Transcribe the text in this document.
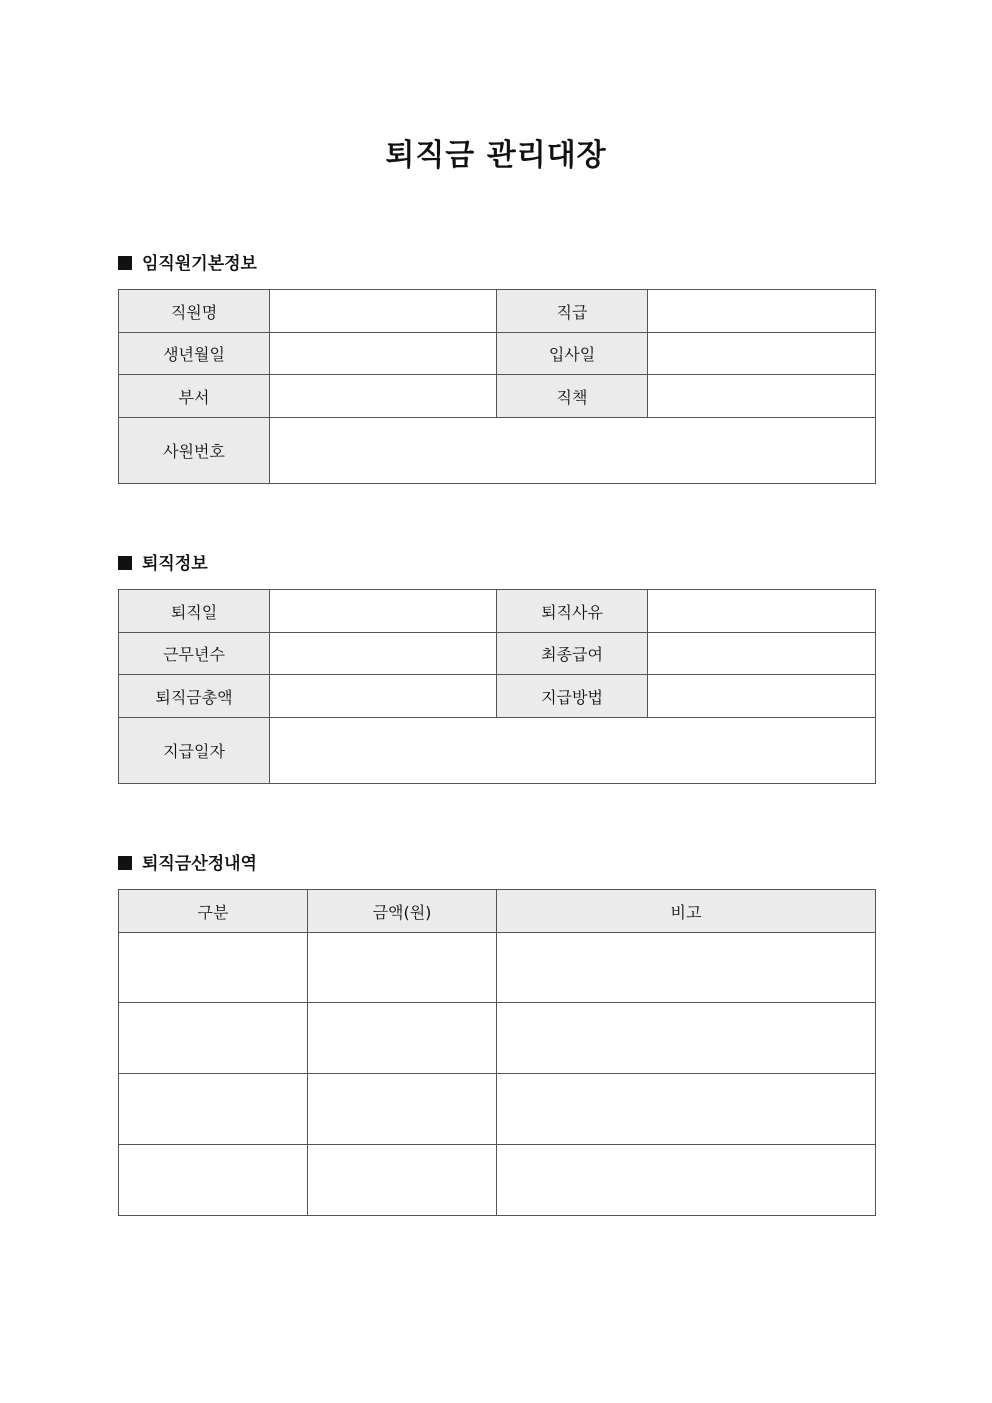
퇴직금 관리대장
임직원기본정보
직원명		직급	
생년월일		입사일	
부서		직책	
사원번호			
퇴직정보
퇴직일		퇴직사유	
근무년수		최종급여	
퇴직금총액		지급방법	
지급일자			
퇴직금산정내역
구분	금액(원)	비고
